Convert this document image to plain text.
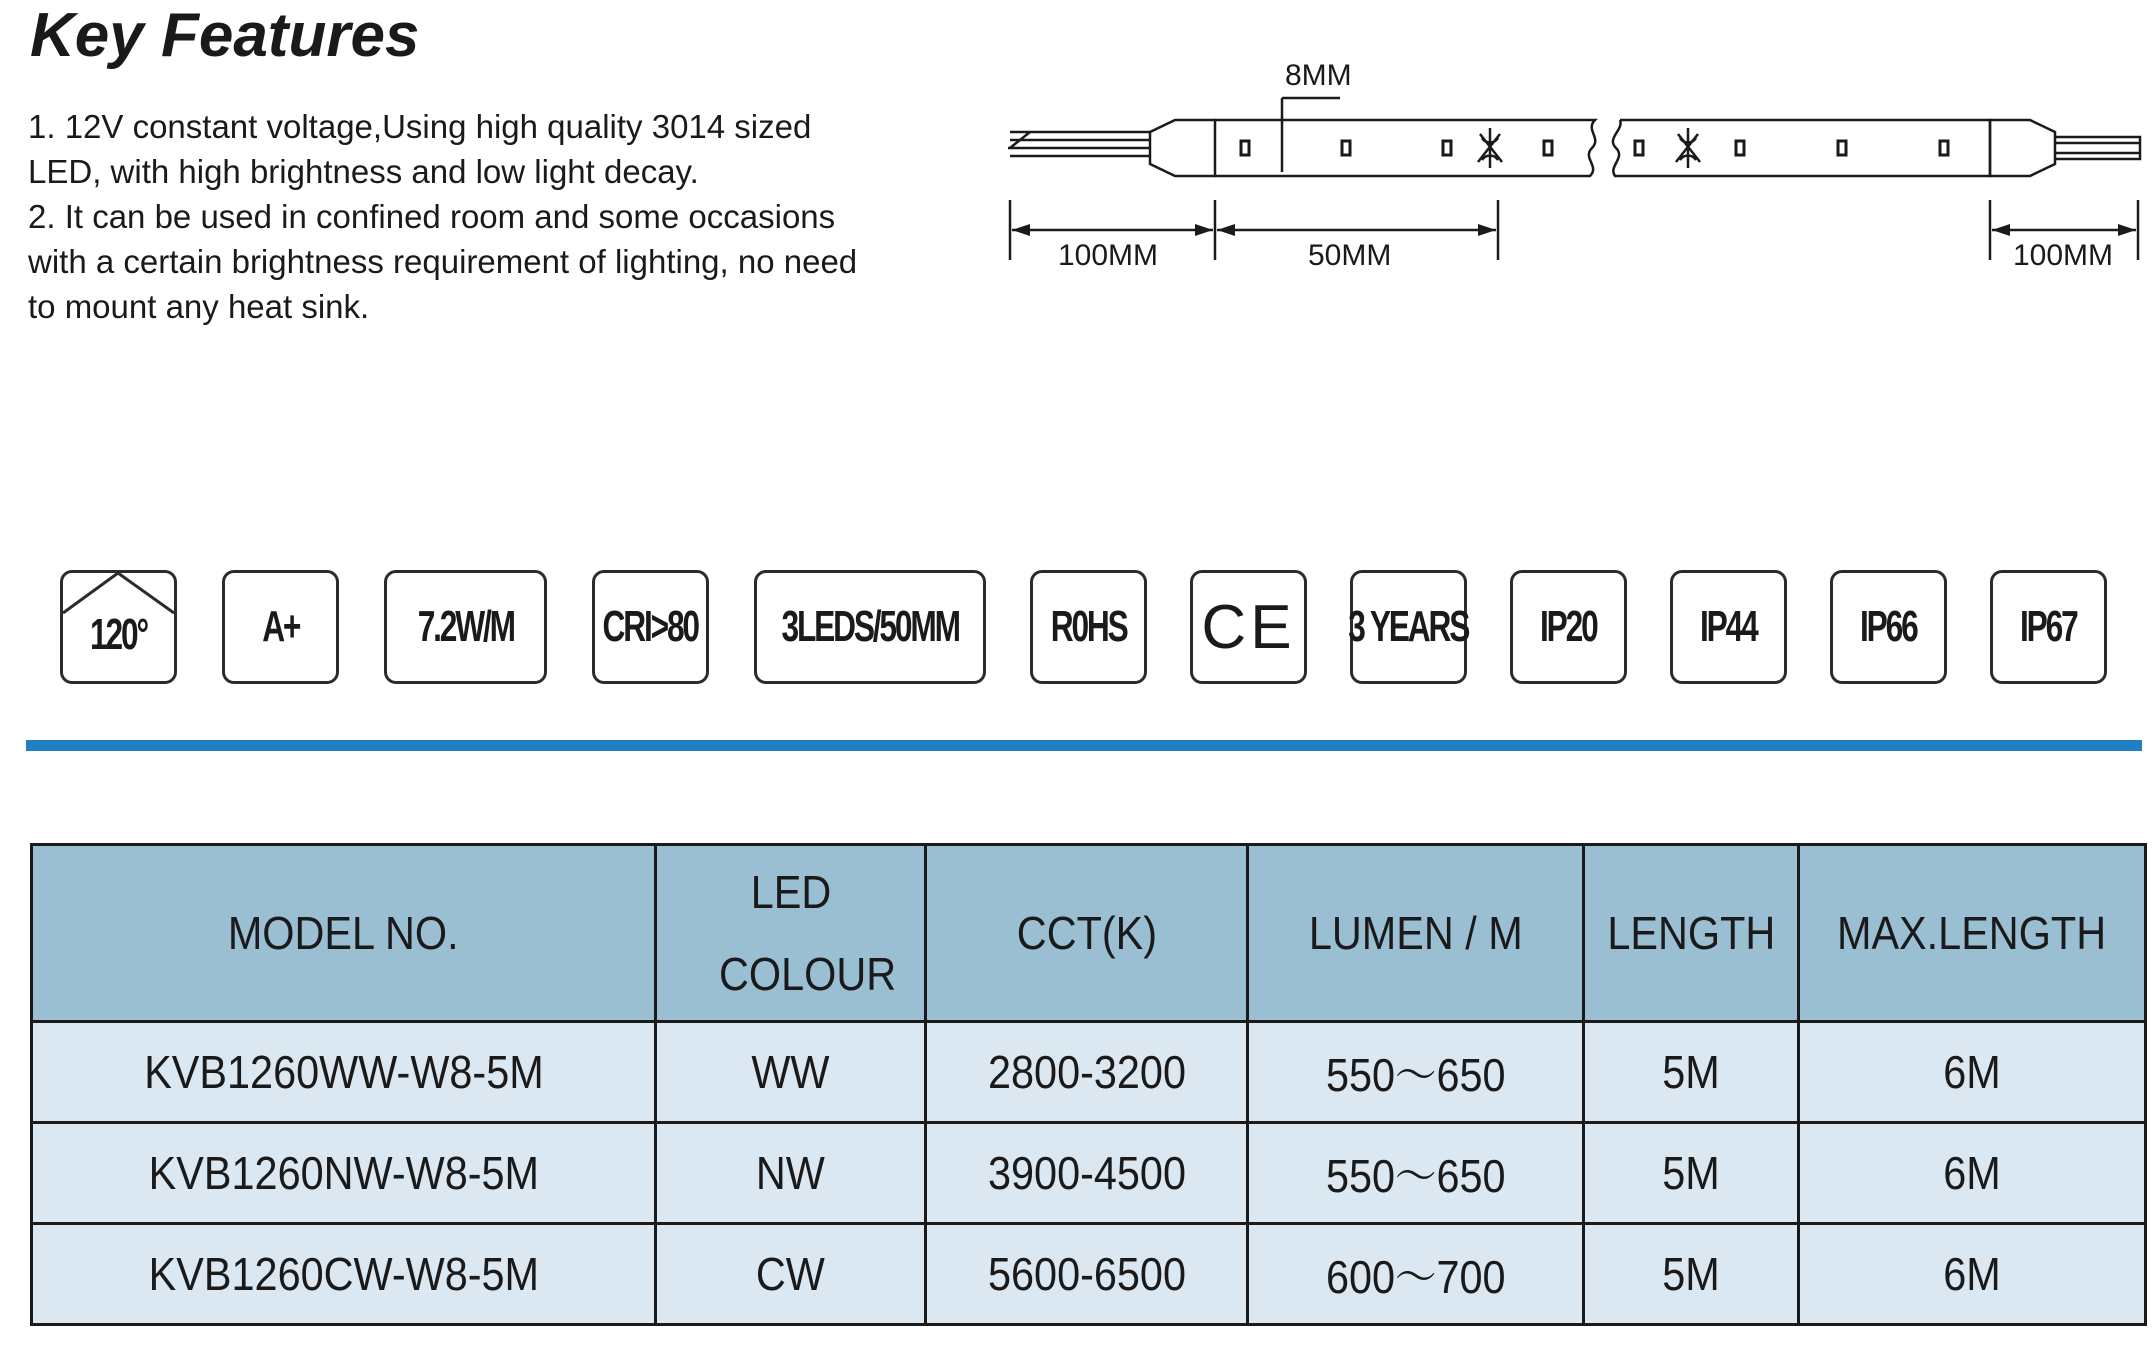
Key Features

1. 12V constant voltage,Using high quality 3014 sized LED, with high brightness and low light decay.

2. It can be used in confined room and some occasions with a certain brightness requirement of lighting, no need to mount any heat sink.

8MM
100MM	50MM	100MM
120°	A+	7.2W/M CRI>80 3LEDS/50MM R0HS CE 3 YEARS IP20 IP44 IP66 IP67
MODEL NO.	LED COLOUR	CCT(K)	LUMEN / M	LENGTH	MAX.LENGTH
KVB1260WW-W8-5M	WW	2800-3200	550～650	5M	6M
KVB1260NW-W8-5M	NW	3900-4500	550～650	5M	6M
KVB1260CW-W8-5M	CW	5600-6500	600～700	5M	6M
